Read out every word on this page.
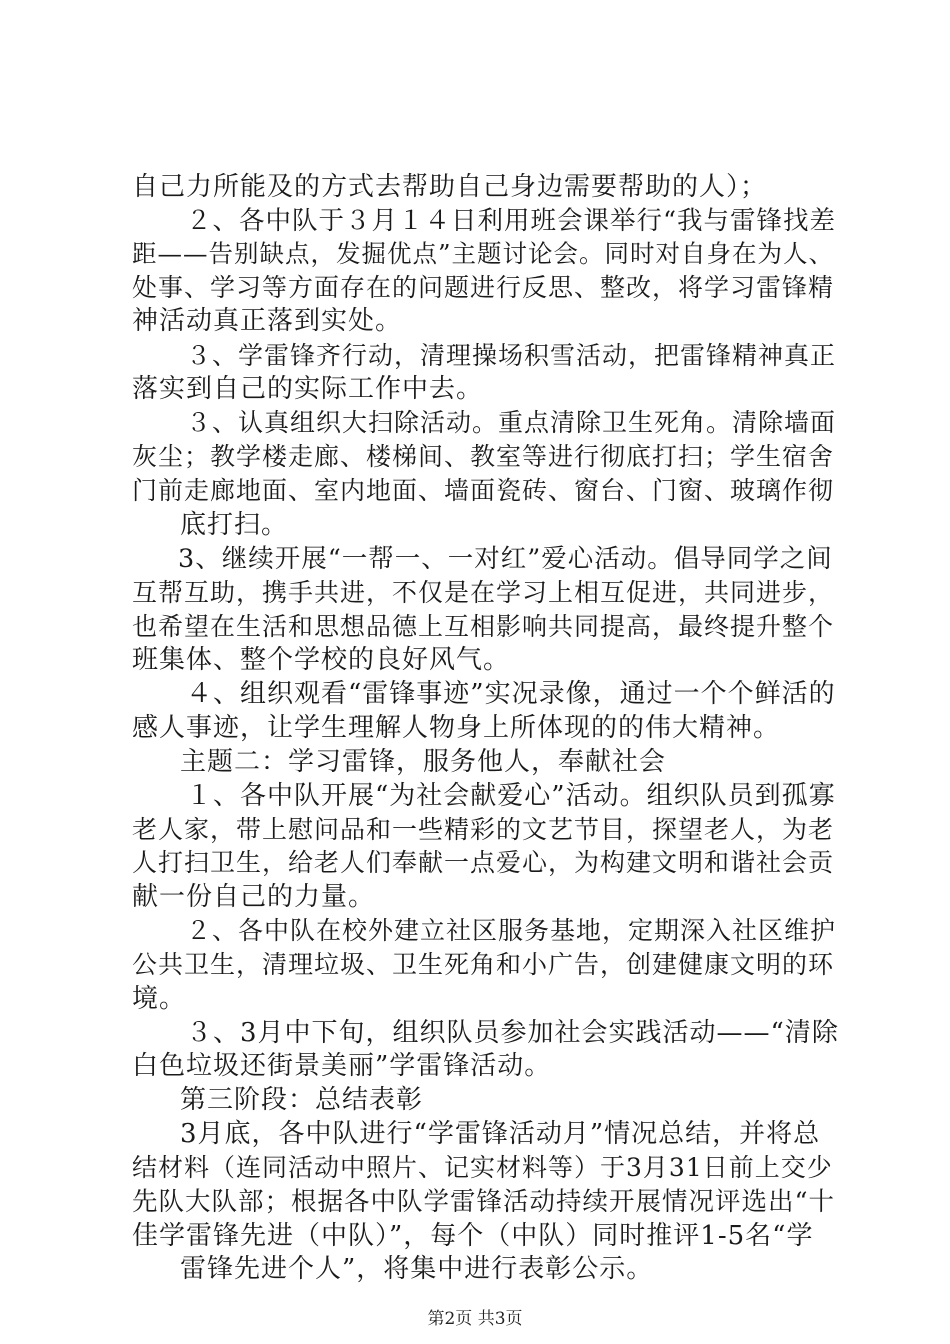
自己力所能及的方式去帮助自己身边需要帮助的人）；
２、各中队于３月１４日利用班会课举行“我与雷锋找差
距——告别缺点，发掘优点”主题讨论会。同时对自身在为人、
处事、学习等方面存在的问题进行反思、整改，将学习雷锋精
神活动真正落到实处。
３、学雷锋齐行动，清理操场积雪活动，把雷锋精神真正
落实到自己的实际工作中去。
３、认真组织大扫除活动。重点清除卫生死角。清除墙面
灰尘；教学楼走廊、楼梯间、教室等进行彻底打扫；学生宿舍
门前走廊地面、室内地面、墙面瓷砖、窗台、门窗、玻璃作彻
底打扫。
3、继续开展“一帮一、一对红”爱心活动。倡导同学之间
互帮互助，携手共进，不仅是在学习上相互促进，共同进步，
也希望在生活和思想品德上互相影响共同提高，最终提升整个
班集体、整个学校的良好风气。
４、组织观看“雷锋事迹”实况录像，通过一个个鲜活的
感人事迹，让学生理解人物身上所体现的的伟大精神。
主题二：学习雷锋，服务他人，奉献社会
１、各中队开展“为社会献爱心”活动。组织队员到孤寡
老人家，带上慰问品和一些精彩的文艺节目，探望老人，为老
人打扫卫生，给老人们奉献一点爱心，为构建文明和谐社会贡
献一份自己的力量。
２、各中队在校外建立社区服务基地，定期深入社区维护
公共卫生，清理垃圾、卫生死角和小广告，创建健康文明的环
境。
３、3月中下旬，组织队员参加社会实践活动——“清除
白色垃圾还街景美丽”学雷锋活动。
第三阶段：总结表彰
3月底，各中队进行“学雷锋活动月”情况总结，并将总
结材料（连同活动中照片、记实材料等）于3月31日前上交少
先队大队部；根据各中队学雷锋活动持续开展情况评选出“十
佳学雷锋先进（中队）”，每个（中队）同时推评1-5名“学
雷锋先进个人”，将集中进行表彰公示。
第2页 共3页
